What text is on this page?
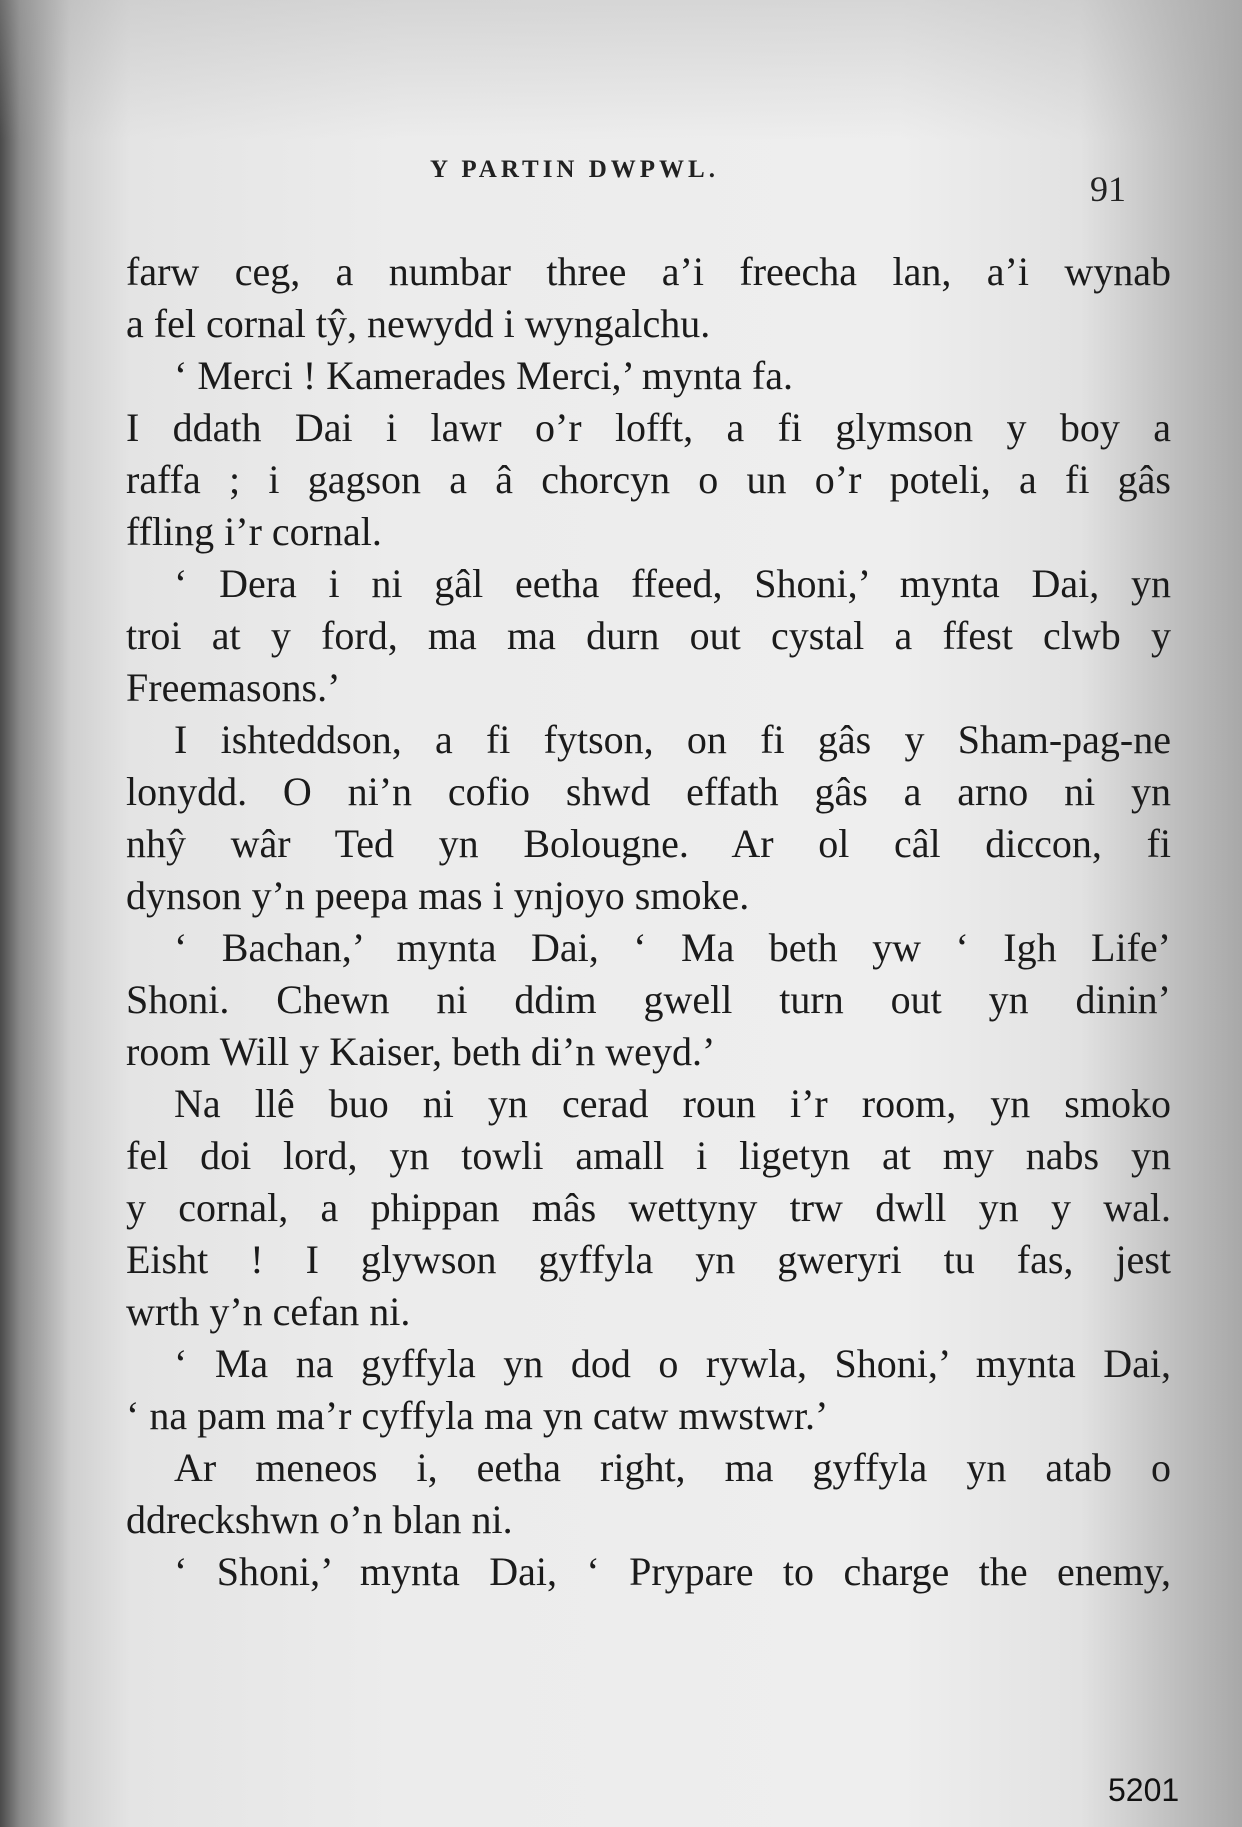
Y PARTIN DWPWL.	91
farw ceg, a numbar three a’i freecha lan, a’i wynab
a fel cornal tŷ, newydd i wyngalchu.
‘ Merci ! Kamerades Merci,’ mynta fa.
I ddath Dai i lawr o’r lofft, a fi glymson y boy a
raffa ; i gagson a â chorcyn o un o’r poteli, a fi gâs
ffling i’r cornal.
‘ Dera i ni gâl eetha ffeed, Shoni,’ mynta Dai, yn
troi at y ford, ma ma durn out cystal a ffest clwb y
Freemasons.’
I ishteddson, a fi fytson, on fi gâs y Sham-pag-ne
lonydd. O ni’n cofio shwd effath gâs a arno ni yn
nhŷ wâr Ted yn Bolougne. Ar ol câl diccon, fi
dynson y’n peepa mas i ynjoyo smoke.
‘ Bachan,’ mynta Dai, ‘ Ma beth yw ‘ Igh Life’
Shoni. Chewn ni ddim gwell turn out yn dinin’
room Will y Kaiser, beth di’n weyd.’
Na llê buo ni yn cerad roun i’r room, yn smoko
fel doi lord, yn towli amall i ligetyn at my nabs yn
y cornal, a phippan mâs wettyny trw dwll yn y wal.
Eisht ! I glywson gyffyla yn gweryri tu fas, jest
wrth y’n cefan ni.
‘ Ma na gyffyla yn dod o rywla, Shoni,’ mynta Dai,
‘ na pam ma’r cyffyla ma yn catw mwstwr.’
Ar meneos i, eetha right, ma gyffyla yn atab o
ddreckshwn o’n blan ni.
‘ Shoni,’ mynta Dai, ‘ Prypare to charge the enemy,
5201
